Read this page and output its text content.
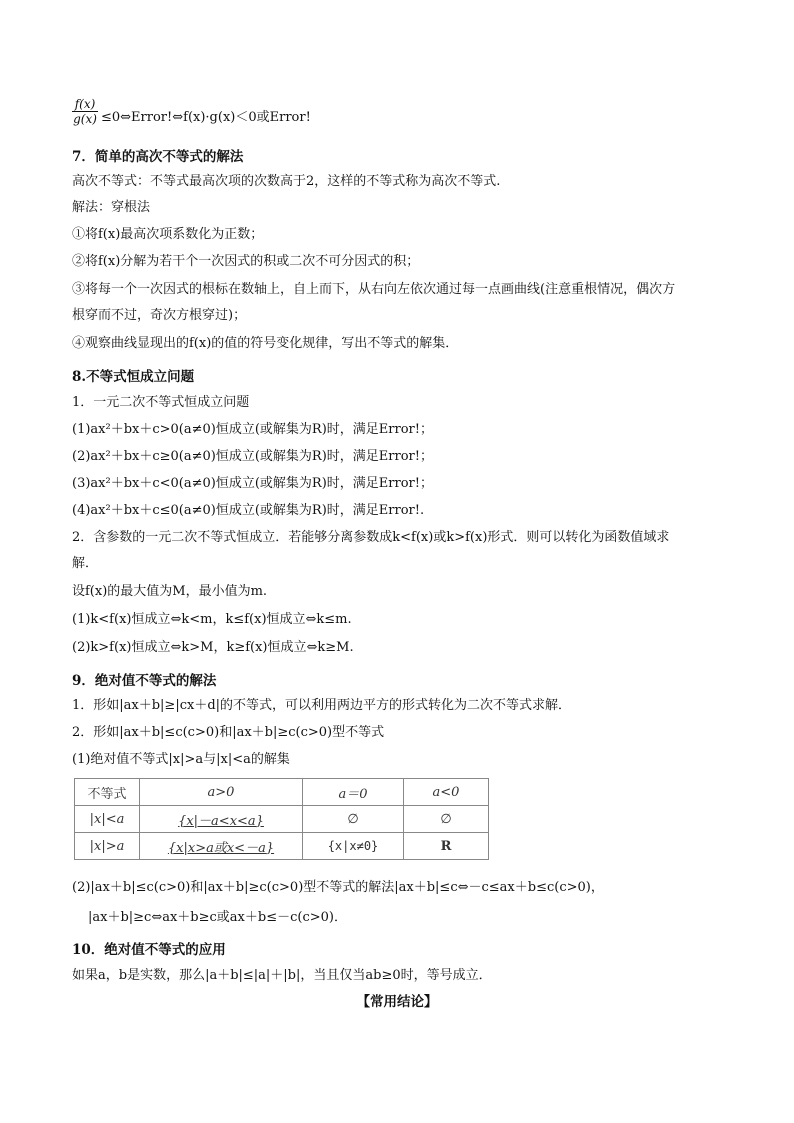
$\frac{f(x)}{g(x)}$ ≤0⇔Error!⇔f(x)·g(x)＜0或Error!
7．简单的高次不等式的解法
高次不等式：不等式最高次项的次数高于2，这样的不等式称为高次不等式.
解法：穿根法
①将f(x)最高次项系数化为正数；
②将f(x)分解为若干个一次因式的积或二次不可分因式的积；
③将每一个一次因式的根标在数轴上，自上而下，从右向左依次通过每一点画曲线(注意重根情况，偶次方
根穿而不过，奇次方根穿过)；
④观察曲线显现出的f(x)的值的符号变化规律，写出不等式的解集．
8.不等式恒成立问题
1．一元二次不等式恒成立问题
(1)ax²＋bx＋c>0(a≠0)恒成立(或解集为R)时，满足Error!；
(2)ax²＋bx＋c≥0(a≠0)恒成立(或解集为R)时，满足Error!；
(3)ax²＋bx＋c<0(a≠0)恒成立(或解集为R)时，满足Error!；
(4)ax²＋bx＋c≤0(a≠0)恒成立(或解集为R)时，满足Error!.
2．含参数的一元二次不等式恒成立．若能够分离参数成k<f(x)或k>f(x)形式．则可以转化为函数值域求
解．
设f(x)的最大值为M，最小值为m.
(1)k<f(x)恒成立⇔k<m，k≤f(x)恒成立⇔k≤m.
(2)k>f(x)恒成立⇔k>M，k≥f(x)恒成立⇔k≥M.
9．绝对值不等式的解法
1．形如|ax＋b|≥|cx＋d|的不等式，可以利用两边平方的形式转化为二次不等式求解．
2．形如|ax＋b|≤c(c>0)和|ax＋b|≥c(c>0)型不等式
(1)绝对值不等式|x|>a与|x|<a的解集
(2)|ax＋b|≤c(c>0)和|ax＋b|≥c(c>0)型不等式的解法|ax＋b|≤c⇔－c≤ax＋b≤c(c>0)，
|ax＋b|≥c⇔ax＋b≥c或ax＋b≤－c(c>0)．
10．绝对值不等式的应用
如果a，b是实数，那么|a＋b|≤|a|＋|b|，当且仅当ab≥0时，等号成立．
不等式	a>0	a＝0	a<0
|x|<a	{x|－a<x<a}	∅	∅
|x|>a	{x|x>a或x<－a}	{x|x≠0}	R
【常用结论】
